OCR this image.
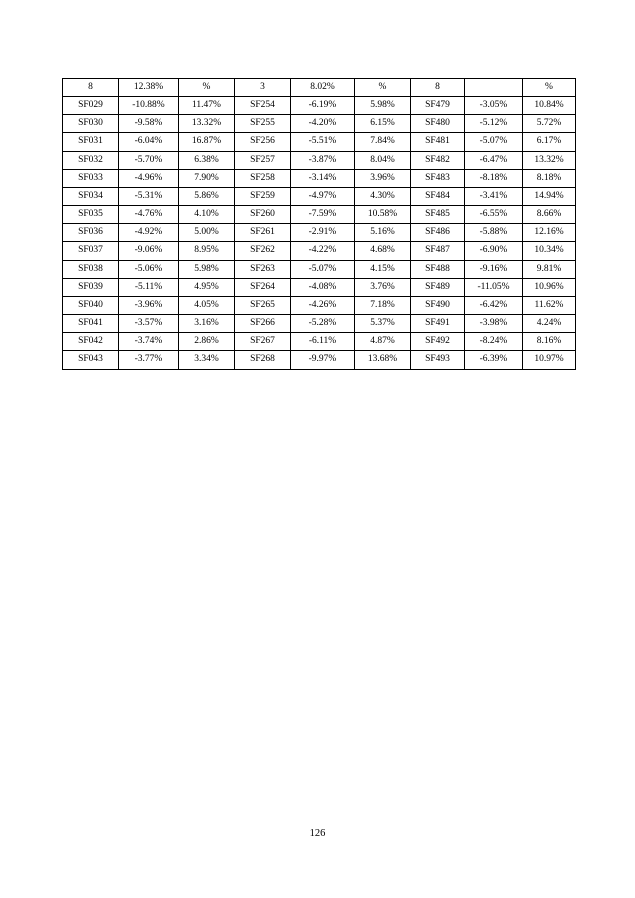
8	12.38%	%	3	8.02%	%	8		%
SF029	-10.88%	11.47%	SF254	-6.19%	5.98%	SF479	-3.05%	10.84%
SF030	-9.58%	13.32%	SF255	-4.20%	6.15%	SF480	-5.12%	5.72%
SF031	-6.04%	16.87%	SF256	-5.51%	7.84%	SF481	-5.07%	6.17%
SF032	-5.70%	6.38%	SF257	-3.87%	8.04%	SF482	-6.47%	13.32%
SF033	-4.96%	7.90%	SF258	-3.14%	3.96%	SF483	-8.18%	8.18%
SF034	-5.31%	5.86%	SF259	-4.97%	4.30%	SF484	-3.41%	14.94%
SF035	-4.76%	4.10%	SF260	-7.59%	10.58%	SF485	-6.55%	8.66%
SF036	-4.92%	5.00%	SF261	-2.91%	5.16%	SF486	-5.88%	12.16%
SF037	-9.06%	8.95%	SF262	-4.22%	4.68%	SF487	-6.90%	10.34%
SF038	-5.06%	5.98%	SF263	-5.07%	4.15%	SF488	-9.16%	9.81%
SF039	-5.11%	4.95%	SF264	-4.08%	3.76%	SF489	-11.05%	10.96%
SF040	-3.96%	4.05%	SF265	-4.26%	7.18%	SF490	-6.42%	11.62%
SF041	-3.57%	3.16%	SF266	-5.28%	5.37%	SF491	-3.98%	4.24%
SF042	-3.74%	2.86%	SF267	-6.11%	4.87%	SF492	-8.24%	8.16%
SF043	-3.77%	3.34%	SF268	-9.97%	13.68%	SF493	-6.39%	10.97%
126
